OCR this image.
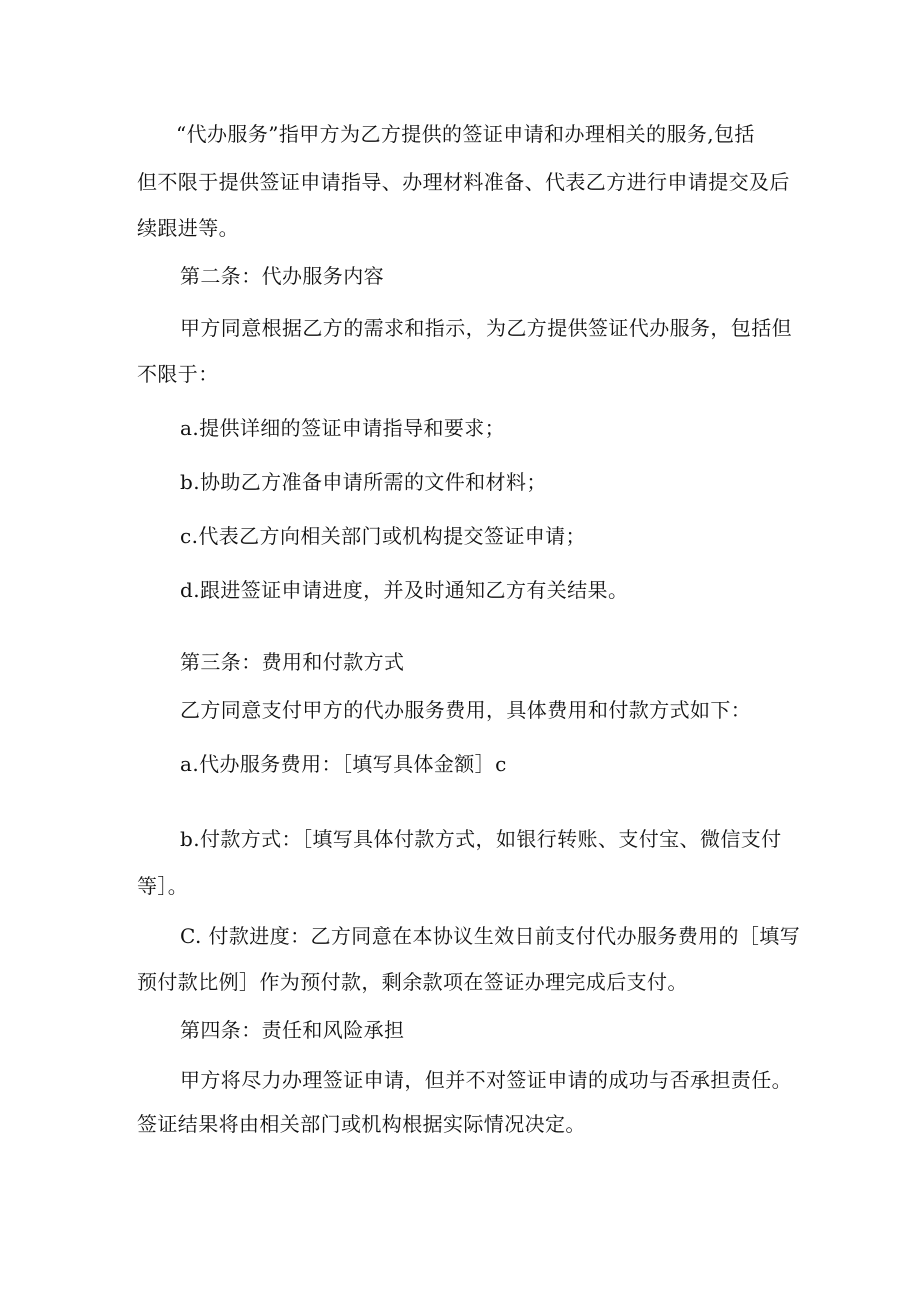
“代办服务”指甲方为乙方提供的签证申请和办理相关的服务,包括
但不限于提供签证申请指导、办理材料准备、代表乙方进行申请提交及后
续跟进等。
第二条：代办服务内容
甲方同意根据乙方的需求和指示，为乙方提供签证代办服务，包括但
不限于：
a.提供详细的签证申请指导和要求；
b.协助乙方准备申请所需的文件和材料；
c.代表乙方向相关部门或机构提交签证申请；
d.跟进签证申请进度，并及时通知乙方有关结果。
第三条：费用和付款方式
乙方同意支付甲方的代办服务费用，具体费用和付款方式如下：
a.代办服务费用：［填写具体金额］c
b.付款方式：［填写具体付款方式，如银行转账、支付宝、微信支付
等］。
C. 付款进度：乙方同意在本协议生效日前支付代办服务费用的［填写
预付款比例］作为预付款，剩余款项在签证办理完成后支付。
第四条：责任和风险承担
甲方将尽力办理签证申请，但并不对签证申请的成功与否承担责任。
签证结果将由相关部门或机构根据实际情况决定。
